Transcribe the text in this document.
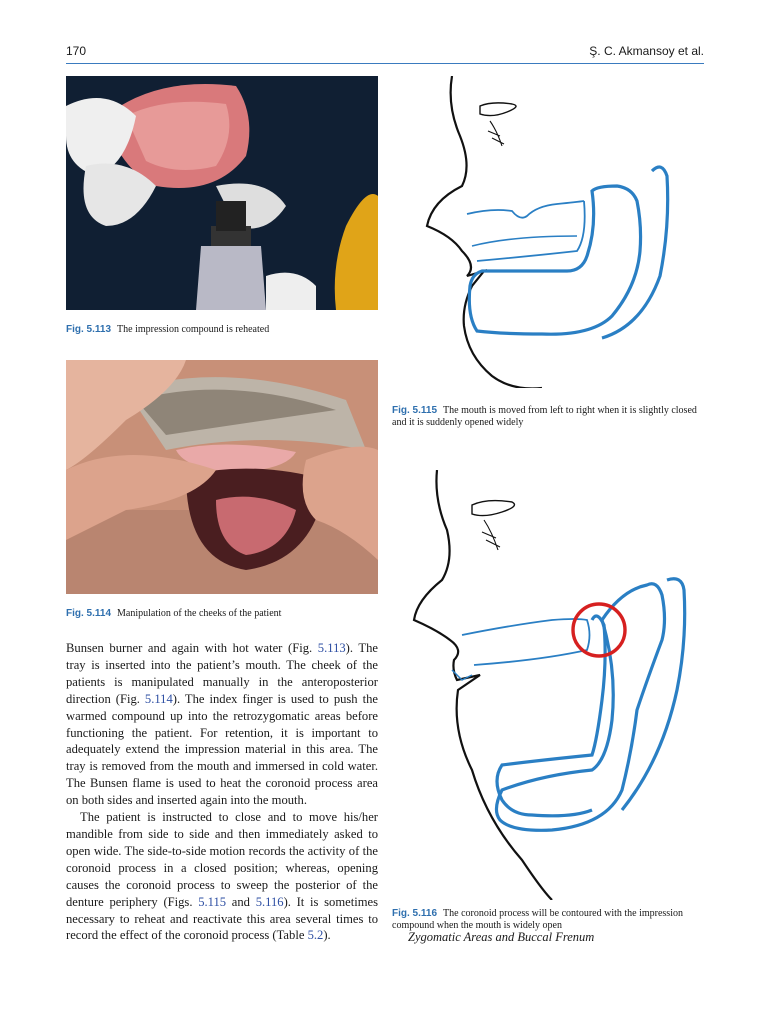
170	Ş. C. Akmansoy et al.
Fig. 5.113 The impression compound is reheated
Fig. 5.114 Manipulation of the cheeks of the patient

Bunsen burner and again with hot water (Fig. 5.113). The tray is inserted into the patient’s mouth. The cheek of the patients is manipulated manually in the anteroposterior direction (Fig. 5.114). The index finger is used to push the warmed compound up into the retrozygomatic areas before functioning the patient. For retention, it is important to adequately extend the impression material in this area. The tray is removed from the mouth and immersed in cold water. The Bunsen flame is used to heat the coronoid process area on both sides and inserted again into the mouth.

The patient is instructed to close and to move his/her mandible from side to side and then immediately asked to open wide. The side-to-side motion records the activity of the coronoid process in a closed position; whereas, opening causes the coronoid process to sweep the posterior of the denture periphery (Figs. 5.115 and 5.116). It is sometimes necessary to reheat and reactivate this area several times to record the effect of the coronoid process (Table 5.2).

Fig. 5.115 The mouth is moved from left to right when it is slightly closed and it is suddenly opened widely
Fig. 5.116 The coronoid process will be contoured with the impression compound when the mouth is widely open
Zygomatic Areas and Buccal Frenum
